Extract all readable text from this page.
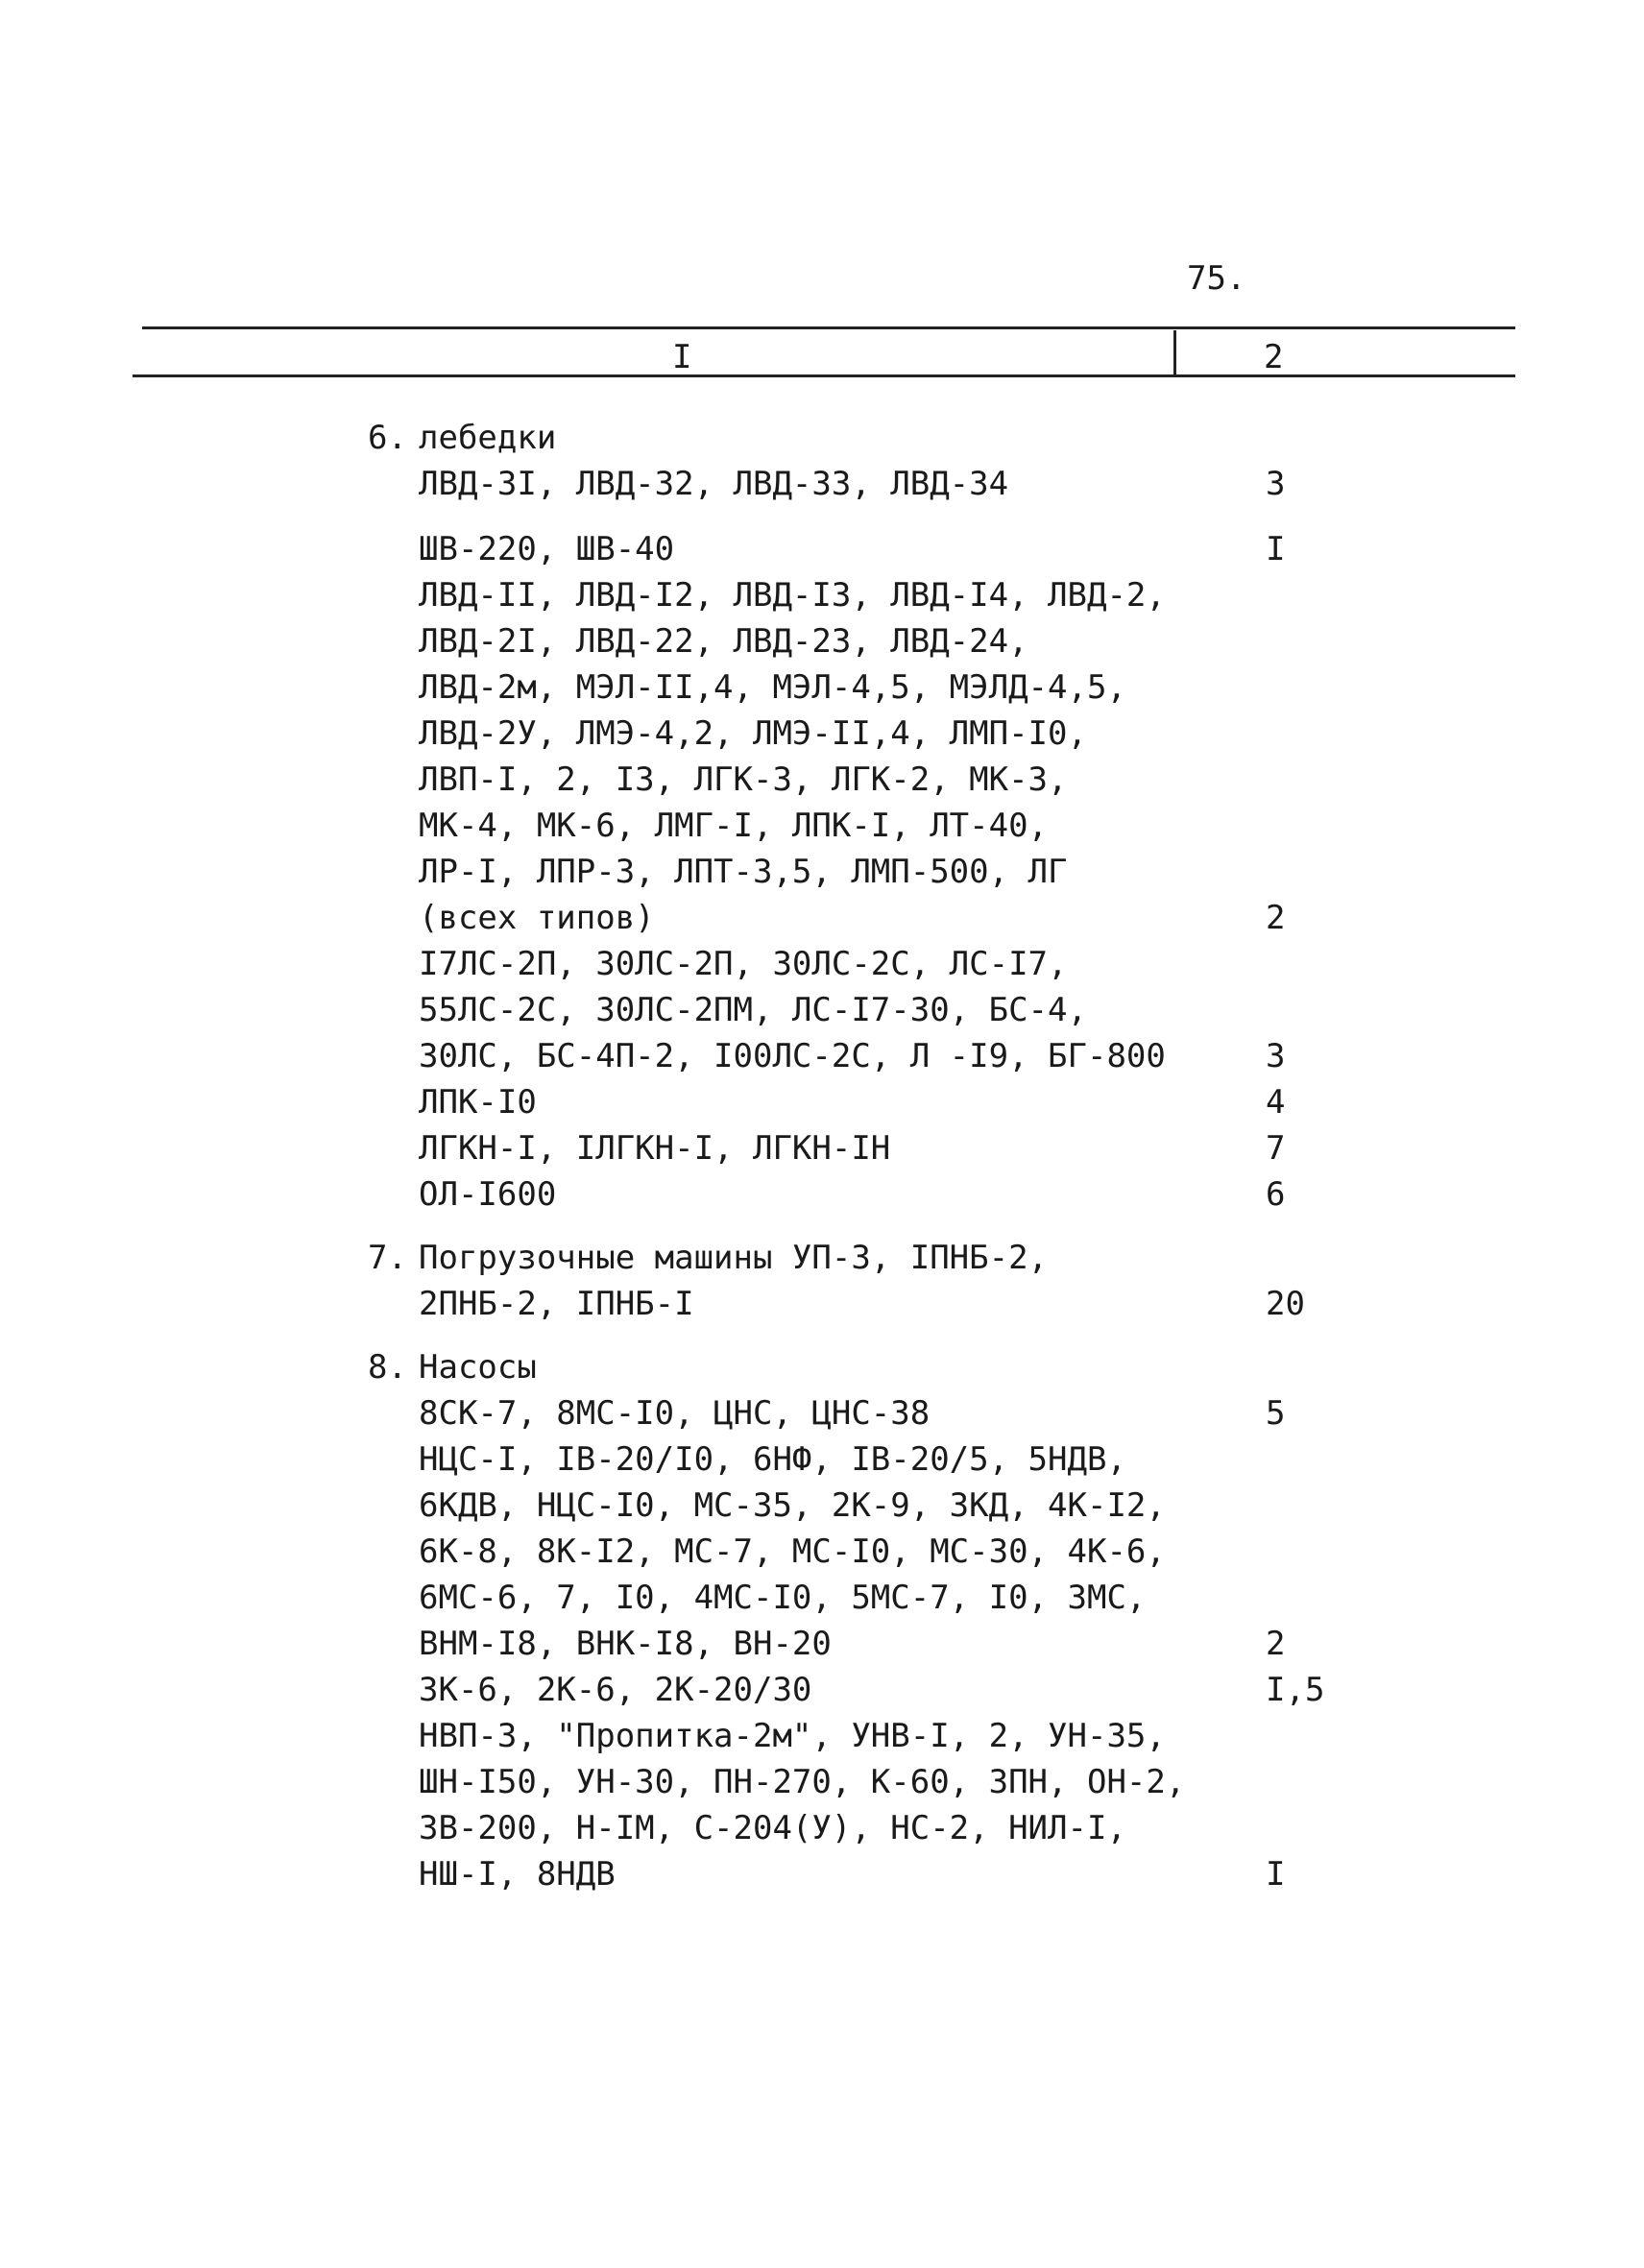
75.
I	2
6. лебедки
ЛВД-3I, ЛВД-32, ЛВД-33, ЛВД-34	3
ШВ-220, ШВ-40	I
ЛВД-II, ЛВД-I2, ЛВД-I3, ЛВД-I4, ЛВД-2,
ЛВД-2I, ЛВД-22, ЛВД-23, ЛВД-24,
ЛВД-2м, МЭЛ-II,4, МЭЛ-4,5, МЭЛД-4,5,
ЛВД-2У, ЛМЭ-4,2, ЛМЭ-II,4, ЛМП-I0,
ЛВП-I, 2, I3, ЛГК-3, ЛГК-2, МК-3,
МК-4, МК-6, ЛМГ-I, ЛПК-I, ЛТ-40,
ЛР-I, ЛПР-3, ЛПТ-3,5, ЛМП-500, ЛГ
(всех типов)	2
I7ЛС-2П, 30ЛС-2П, 30ЛС-2С, ЛС-I7,
55ЛС-2С, 30ЛС-2ПМ, ЛС-I7-30, БС-4,
30ЛС, БС-4П-2, I00ЛС-2С, Л -I9, БГ-800	3
ЛПК-I0	4
ЛГКН-I, IЛГКН-I, ЛГКН-IН	7
ОЛ-I600	6
7. Погрузочные машины УП-3, IПНБ-2,
2ПНБ-2, IПНБ-I	20
8. Насосы
8СК-7, 8МС-I0, ЦНС, ЦНС-38	5
НЦС-I, IВ-20/I0, 6НФ, IВ-20/5, 5НДВ,
6КДВ, НЦС-I0, МС-35, 2К-9, 3КД, 4К-I2,
6К-8, 8К-I2, МС-7, МС-I0, МС-30, 4К-6,
6МС-6, 7, I0, 4МС-I0, 5МС-7, I0, 3МС,
ВНМ-I8, ВНК-I8, ВН-20	2
3К-6, 2К-6, 2К-20/30	I,5
НВП-3, "Пропитка-2м", УНВ-I, 2, УН-35,
ШН-I50, УН-30, ПН-270, К-60, 3ПН, ОН-2,
3В-200, Н-IМ, С-204(У), НС-2, НИЛ-I,
НШ-I, 8НДВ	I
